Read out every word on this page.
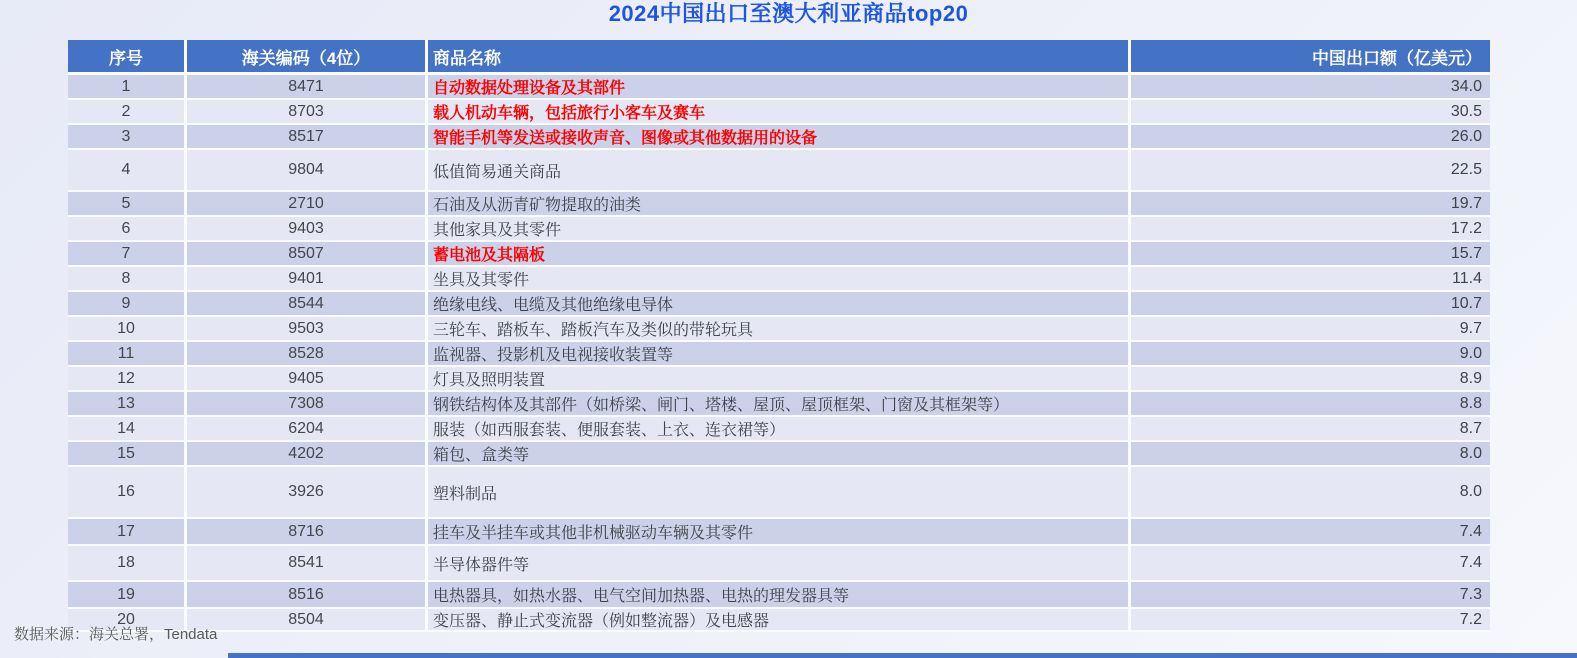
2024中国出口至澳大利亚商品top20
序号	海关编码（4位）	商品名称	中国出口额（亿美元）
1	8471	自动数据处理设备及其部件	34.0
2	8703	载人机动车辆，包括旅行小客车及赛车	30.5
3	8517	智能手机等发送或接收声音、图像或其他数据用的设备	26.0
4	9804	低值简易通关商品	22.5
5	2710	石油及从沥青矿物提取的油类	19.7
6	9403	其他家具及其零件	17.2
7	8507	蓄电池及其隔板	15.7
8	9401	坐具及其零件	11.4
9	8544	绝缘电线、电缆及其他绝缘电导体	10.7
10	9503	三轮车、踏板车、踏板汽车及类似的带轮玩具	9.7
11	8528	监视器、投影机及电视接收装置等	9.0
12	9405	灯具及照明装置	8.9
13	7308	钢铁结构体及其部件（如桥梁、闸门、塔楼、屋顶、屋顶框架、门窗及其框架等）	8.8
14	6204	服装（如西服套装、便服套装、上衣、连衣裙等）	8.7
15	4202	箱包、盒类等	8.0
16	3926	塑料制品	8.0
17	8716	挂车及半挂车或其他非机械驱动车辆及其零件	7.4
18	8541	半导体器件等	7.4
19	8516	电热器具，如热水器、电气空间加热器、电热的理发器具等	7.3
20	8504	变压器、静止式变流器（例如整流器）及电感器	7.2
数据来源：海关总署，Tendata
